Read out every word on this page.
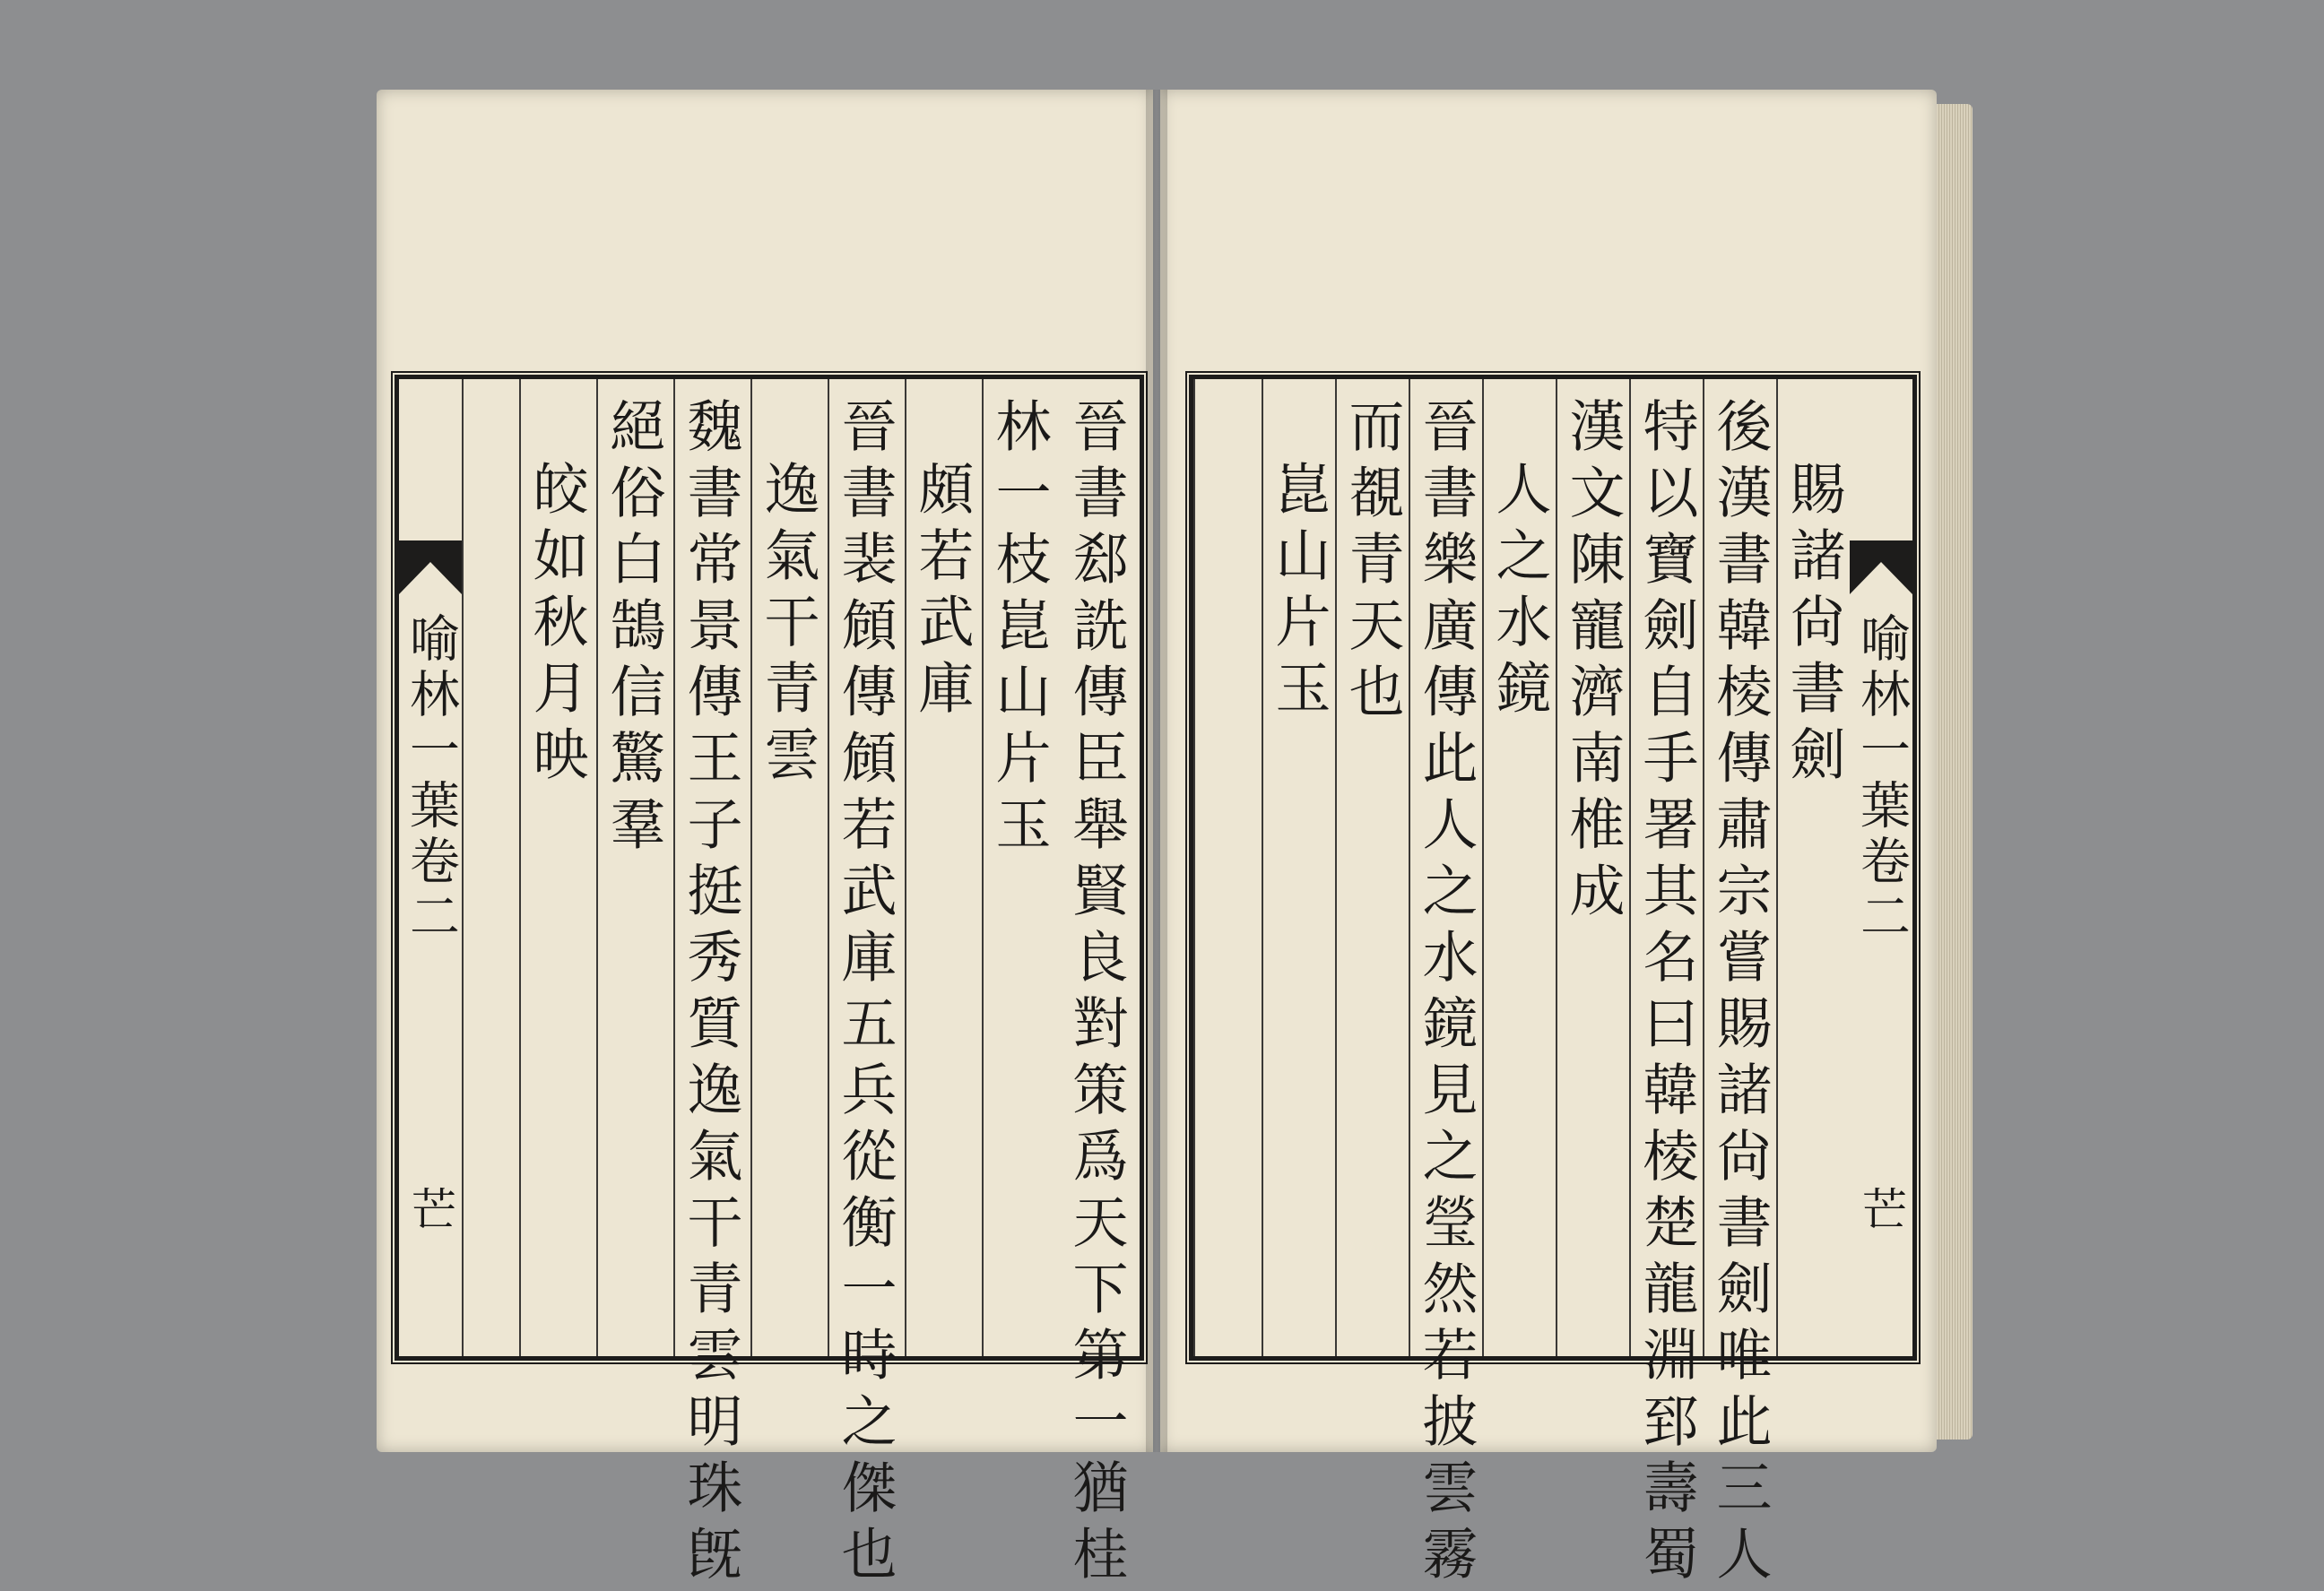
晉書郄詵傳臣舉賢良對策爲天下第一猶桂
林一枝崑山片玉
頗若武庫
晉書裴頠傳頠若武庫五兵從衡一時之傑也
逸氣干青雲
魏書常景傳王子挺秀質逸氣干青雲明珠旣
絕俗白鵠信驚羣
皎如秋月映
喻林一葉卷二
芒
喻林一葉卷二
芒
賜諸尙書劍
後漢書韓棱傳肅宗嘗賜諸尙書劍唯此三人
特以寶劍自手署其名曰韓棱楚龍淵郅壽蜀
漢文陳寵濟南椎成
人之水鏡
晉書樂廣傳此人之水鏡見之瑩然若披雲霧
而覩青天也
崑山片玉
